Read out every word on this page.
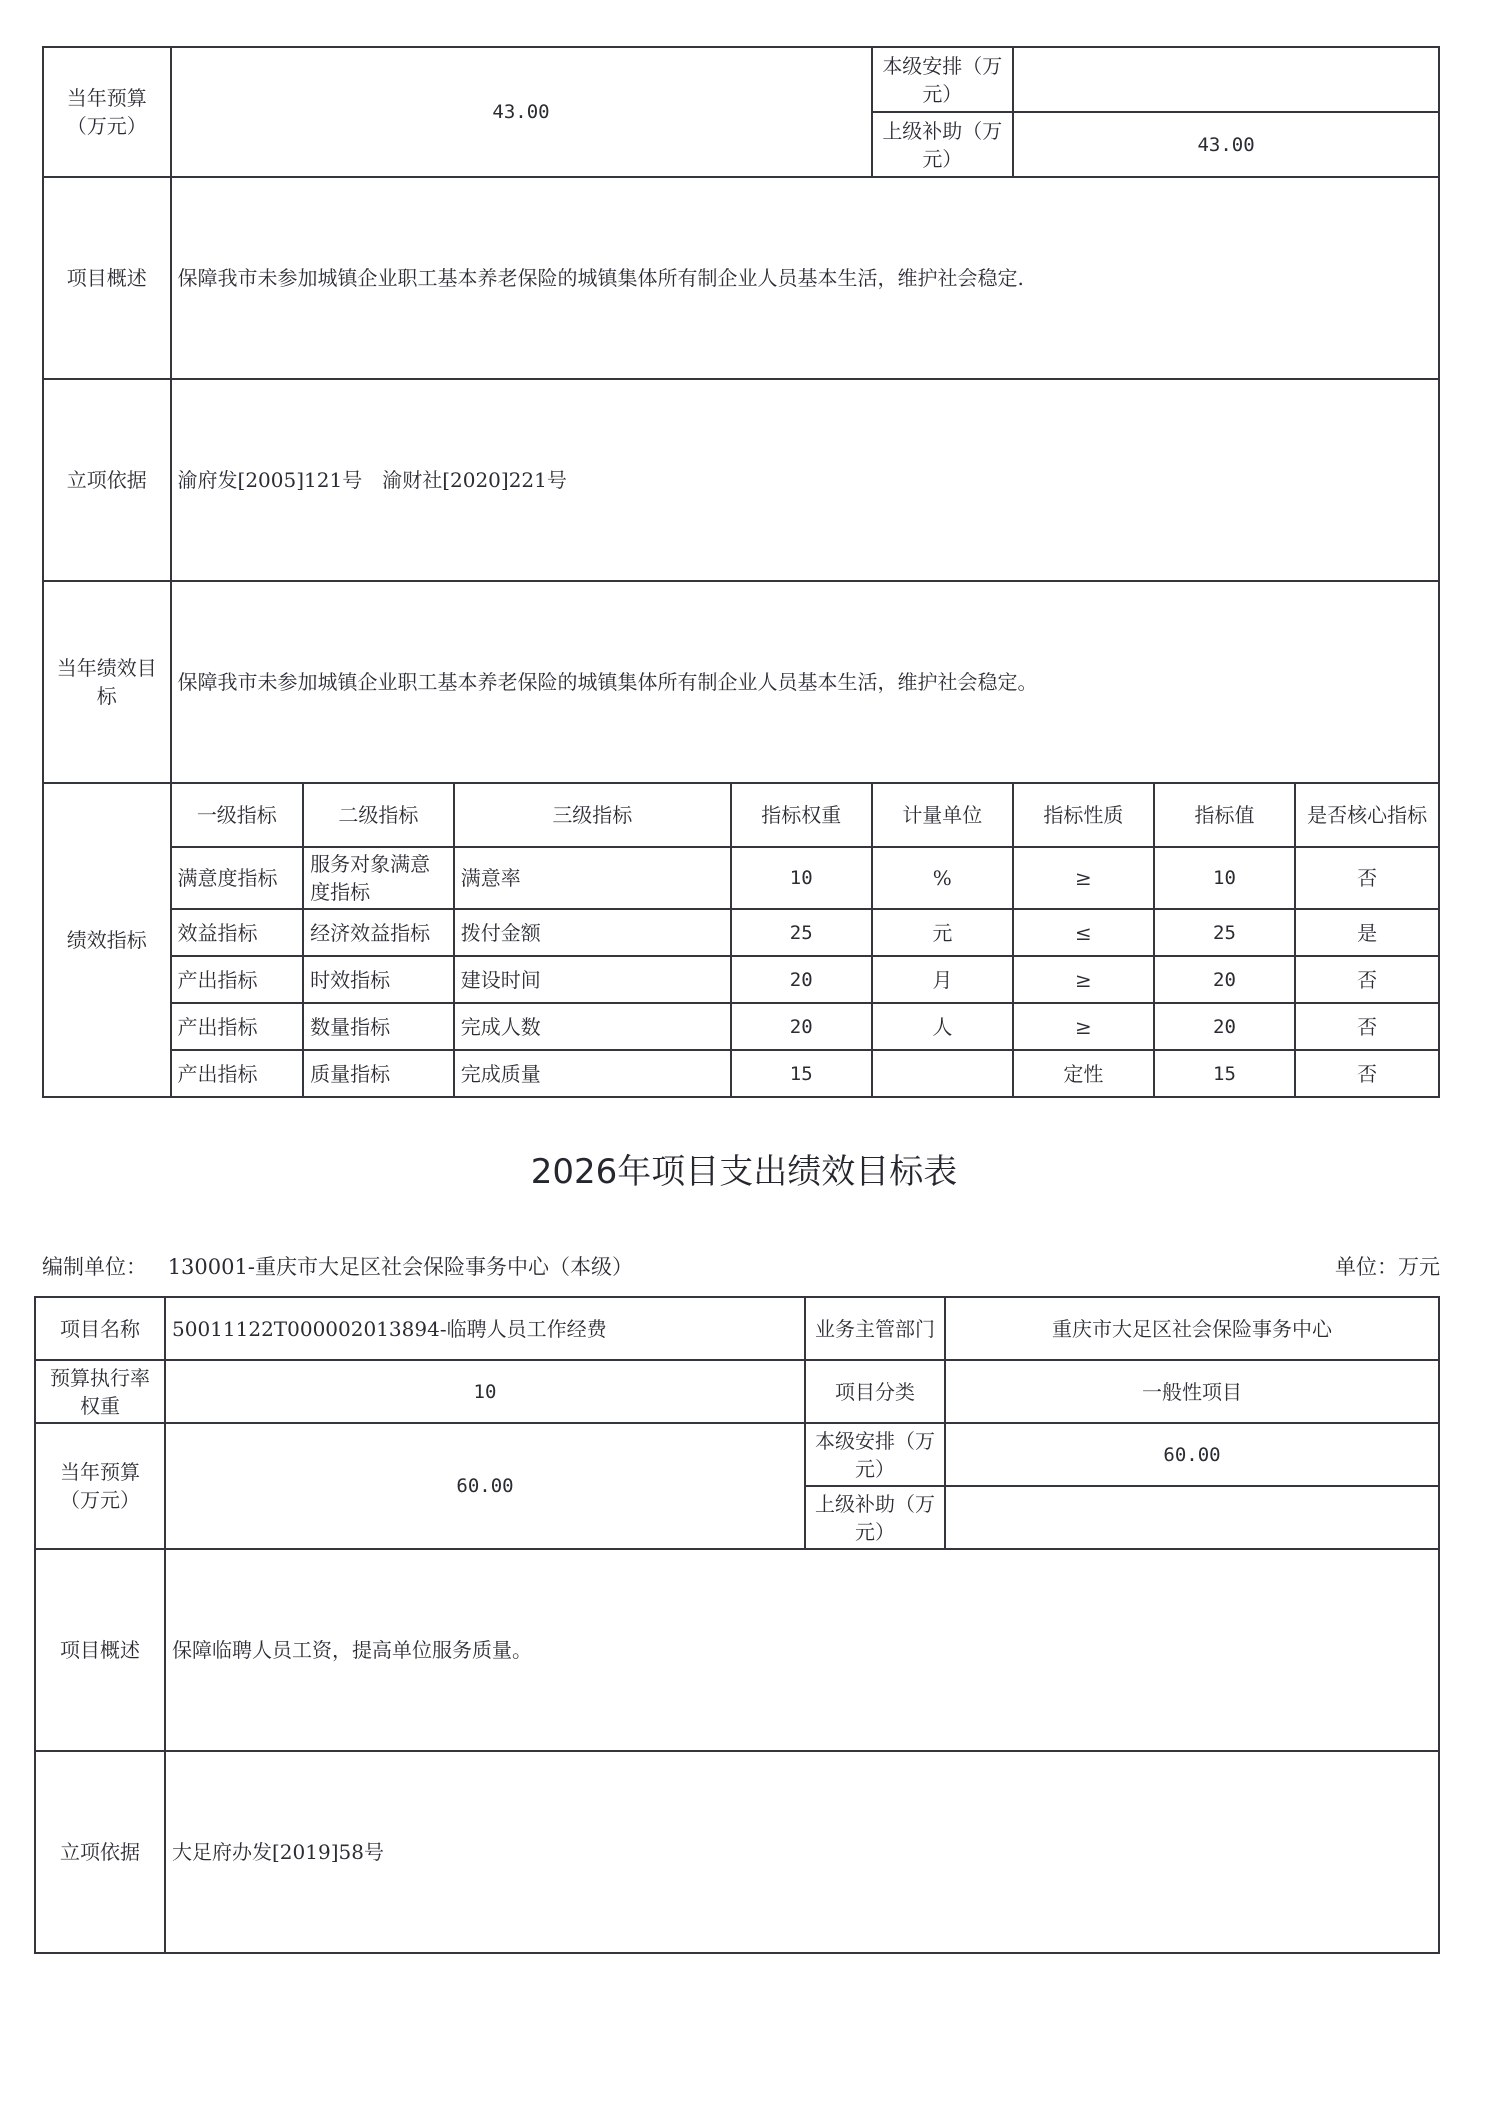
当年预算（万元）	43.00				本级安排（万元）			
					上级补助（万元）	43.00		
项目概述	保障我市未参加城镇企业职工基本养老保险的城镇集体所有制企业人员基本生活，维护社会稳定.							
立项依据	渝府发[2005]121号　渝财社[2020]221号							
当年绩效目标	保障我市未参加城镇企业职工基本养老保险的城镇集体所有制企业人员基本生活，维护社会稳定。							
绩效指标	一级指标	二级指标	三级指标	指标权重	计量单位	指标性质	指标值	是否核心指标
	满意度指标	服务对象满意度指标	满意率	10	%	≥	10	否
	效益指标	经济效益指标	拨付金额	25	元	≤	25	是
	产出指标	时效指标	建设时间	20	月	≥	20	否
	产出指标	数量指标	完成人数	20	人	≥	20	否
	产出指标	质量指标	完成质量	15		定性	15	否
2026年项目支出绩效目标表
编制单位： 130001-重庆市大足区社会保险事务中心（本级）	单位：万元
项目名称	50011122T000002013894-临聘人员工作经费	业务主管部门	重庆市大足区社会保险事务中心
预算执行率权重	10	项目分类	一般性项目
当年预算（万元）	60.00	本级安排（万元）	60.00
		上级补助（万元）	
项目概述	保障临聘人员工资，提高单位服务质量。		
立项依据	大足府办发[2019]58号		
